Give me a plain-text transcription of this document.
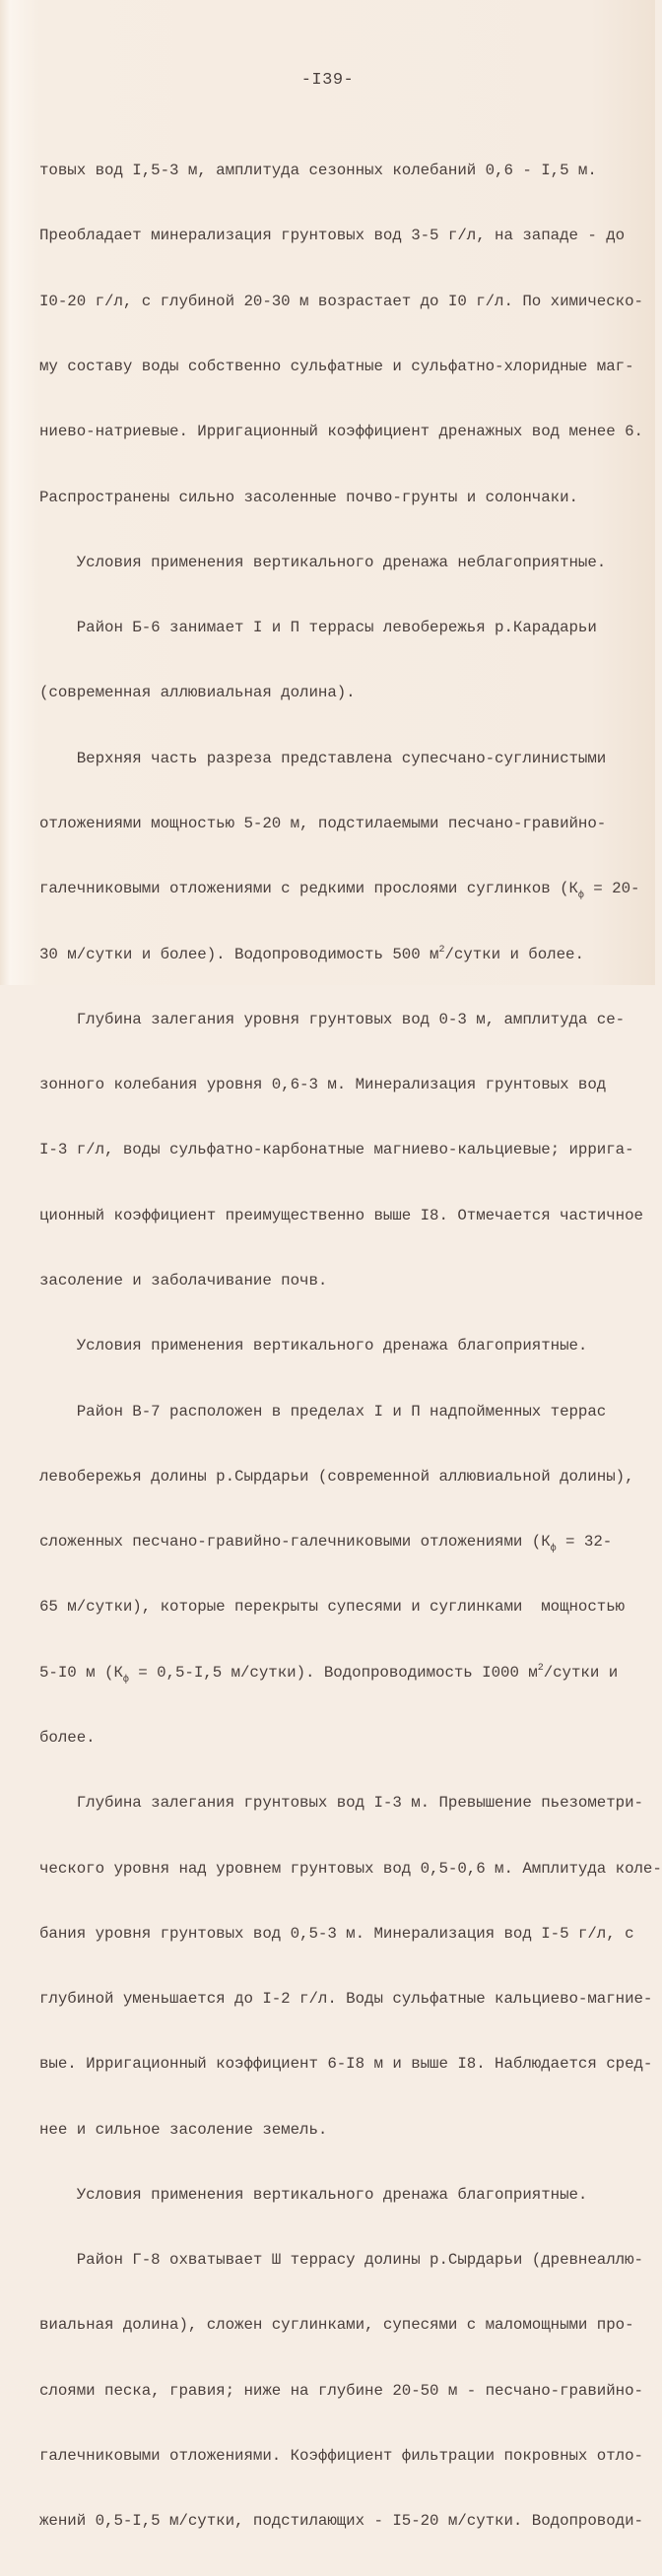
-I39-

товых вод I,5-3 м, амплитуда сезонных колебаний 0,6 - I,5 м.

Преобладает минерализация грунтовых вод 3-5 г/л, на западе - до

I0-20 г/л, с глубиной 20-30 м возрастает до I0 г/л. По химическо-

му составу воды собственно сульфатные и сульфатно-хлоридные маг-

ниево-натриевые. Ирригационный коэффициент дренажных вод менее 6.

Распространены сильно засоленные почво-грунты и солончаки.

Условия применения вертикального дренажа неблагоприятные.

Район Б-6 занимает I и П террасы левобережья р.Карадарьи

(современная аллювиальная долина).

Верхняя часть разреза представлена супесчано-суглинистыми

отложениями мощностью 5-20 м, подстилаемыми песчано-гравийно-

галечниковыми отложениями с редкими прослоями суглинков ($К_ф = 20-$

30 м/сутки и более). Водопроводимость 500 $м^2$/сутки и более.

Глубина залегания уровня грунтовых вод 0-3 м, амплитуда се-

зонного колебания уровня 0,6-3 м. Минерализация грунтовых вод

I-3 г/л, воды сульфатно-карбонатные магниево-кальциевые; ирригa-

ционный коэффициент преимущественно выше I8. Отмечается частичное

засоление и заболачивание почв.

Условия применения вертикального дренажа благоприятные.

Район В-7 расположен в пределах I и П надпойменных террас

левобережья долины р.Сырдарьи (современной аллювиальной долины),

сложенных песчано-гравийно-галечниковыми отложениями ($К_ф = 32-$

65 м/сутки), которые перекрыты супесями и суглинками  мощностью

5-I0 м ($К_ф = 0,5-I,5$ м/сутки). Водопроводимость I000 $м^2$/сутки и

более.

Глубина залегания грунтовых вод I-3 м. Превышение пьезометри-

ческого уровня над уровнем грунтовых вод 0,5-0,6 м. Амплитуда коле-

бания уровня грунтовых вод 0,5-3 м. Минерализация вод I-5 г/л, с

глубиной уменьшается до I-2 г/л. Воды сульфатные кальциево-магние-

вые. Ирригационный коэффициент 6-I8 м и выше I8. Наблюдается сред-

нее и сильное засоление земель.

Условия применения вертикального дренажа благоприятные.

Район Г-8 охватывает Ш террасу долины р.Сырдарьи (древнеаллю-

виальная долина), сложен суглинками, супесями с маломощными про-

слоями песка, гравия; ниже на глубине 20-50 м - песчано-гравийно-

галечниковыми отложениями. Коэффициент фильтрации покровных отло-

жений 0,5-I,5 м/сутки, подстилающих - I5-20 м/сутки. Водопроводи-
